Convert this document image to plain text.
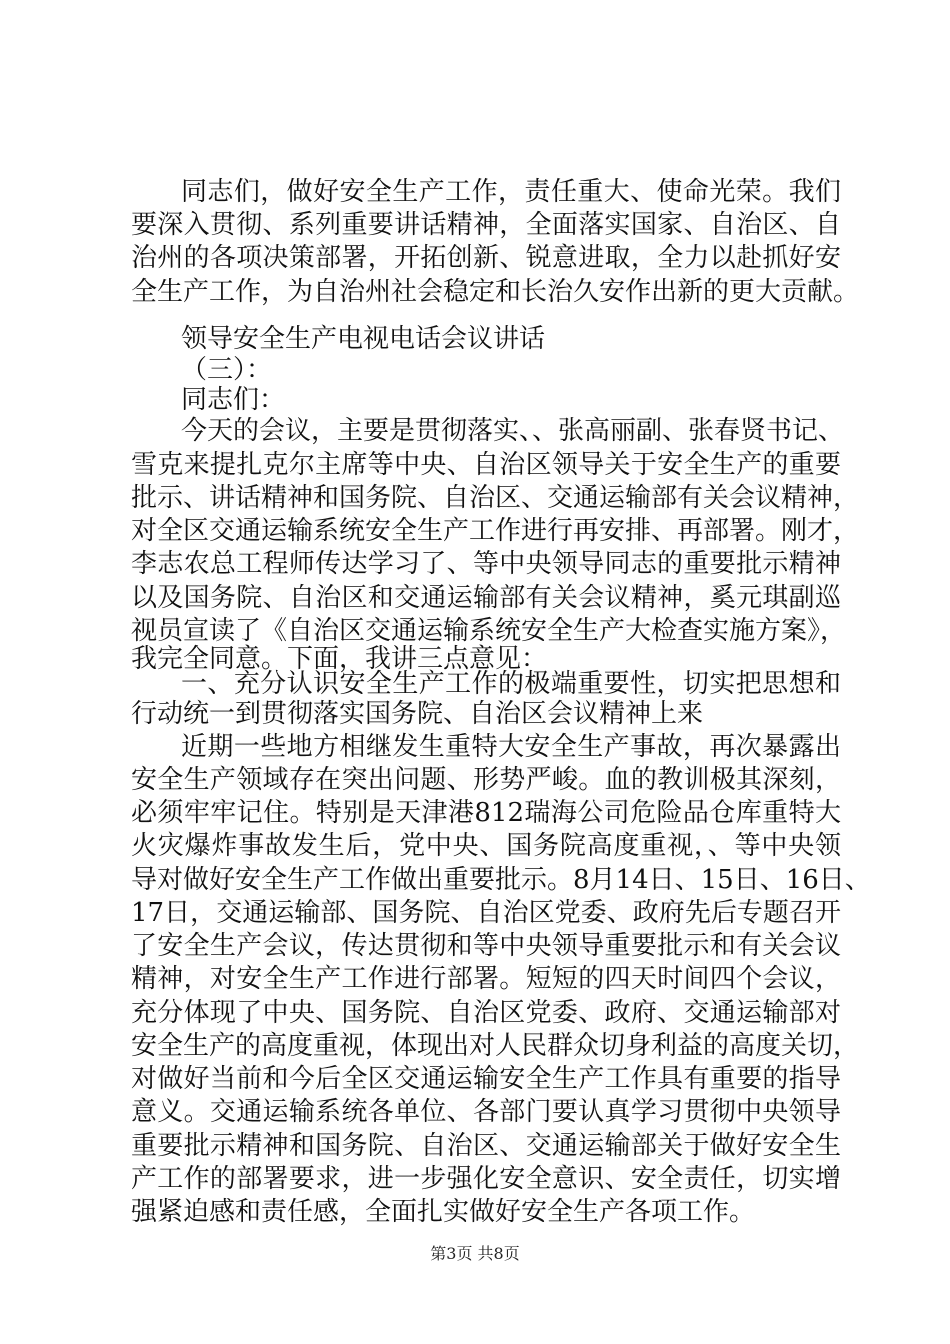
同志们，做好安全生产工作，责任重大、使命光荣。我们
要深入贯彻、系列重要讲话精神，全面落实国家、自治区、自
治州的各项决策部署，开拓创新、锐意进取，全力以赴抓好安
全生产工作，为自治州社会稳定和长治久安作出新的更大贡献。
领导安全生产电视电话会议讲话
（三）：
同志们：
今天的会议，主要是贯彻落实、、张高丽副、张春贤书记、
雪克来提扎克尔主席等中央、自治区领导关于安全生产的重要
批示、讲话精神和国务院、自治区、交通运输部有关会议精神，
对全区交通运输系统安全生产工作进行再安排、再部署。刚才，
李志农总工程师传达学习了、等中央领导同志的重要批示精神
以及国务院、自治区和交通运输部有关会议精神，奚元琪副巡
视员宣读了《自治区交通运输系统安全生产大检查实施方案》，
我完全同意。下面，我讲三点意见：
一、充分认识安全生产工作的极端重要性，切实把思想和
行动统一到贯彻落实国务院、自治区会议精神上来
近期一些地方相继发生重特大安全生产事故，再次暴露出
安全生产领域存在突出问题、形势严峻。血的教训极其深刻，
必须牢牢记住。特别是天津港812瑞海公司危险品仓库重特大
火灾爆炸事故发生后，党中央、国务院高度重视，、等中央领
导对做好安全生产工作做出重要批示。8月14日、15日、16日、
17日，交通运输部、国务院、自治区党委、政府先后专题召开
了安全生产会议，传达贯彻和等中央领导重要批示和有关会议
精神，对安全生产工作进行部署。短短的四天时间四个会议，
充分体现了中央、国务院、自治区党委、政府、交通运输部对
安全生产的高度重视，体现出对人民群众切身利益的高度关切，
对做好当前和今后全区交通运输安全生产工作具有重要的指导
意义。交通运输系统各单位、各部门要认真学习贯彻中央领导
重要批示精神和国务院、自治区、交通运输部关于做好安全生
产工作的部署要求，进一步强化安全意识、安全责任，切实增
第3页 共8页
强紧迫感和责任感，全面扎实做好安全生产各项工作。
